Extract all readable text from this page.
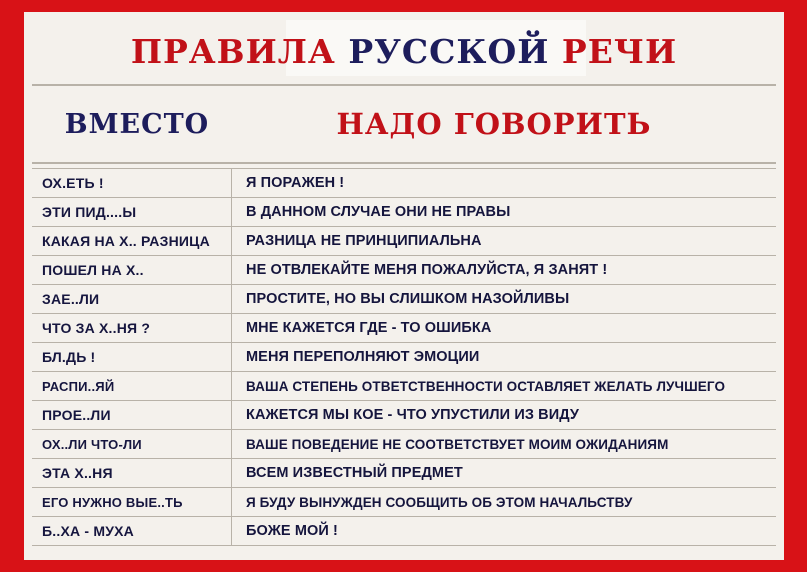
ПРАВИЛА РУССКОЙ РЕЧИ
ВМЕСТО	НАДО ГОВОРИТЬ
ОХ.ЕТЬ !	Я ПОРАЖЕН !
ЭТИ ПИД....Ы	В ДАННОМ СЛУЧАЕ ОНИ НЕ ПРАВЫ
КАКАЯ НА Х.. РАЗНИЦА	РАЗНИЦА НЕ ПРИНЦИПИАЛЬНА
ПОШЕЛ НА Х..	НЕ ОТВЛЕКАЙТЕ МЕНЯ ПОЖАЛУЙСТА, Я ЗАНЯТ !
ЗАЕ..ЛИ	ПРОСТИТЕ, НО ВЫ СЛИШКОМ НАЗОЙЛИВЫ
ЧТО ЗА Х..НЯ ?	МНЕ КАЖЕТСЯ ГДЕ - ТО ОШИБКА
БЛ.ДЬ !	МЕНЯ ПЕРЕПОЛНЯЮТ ЭМОЦИИ
РАСПИ..ЯЙ	ВАША СТЕПЕНЬ ОТВЕТСТВЕННОСТИ ОСТАВЛЯЕТ ЖЕЛАТЬ ЛУЧШЕГО
ПРОЕ..ЛИ	КАЖЕТСЯ МЫ КОЕ - ЧТО УПУСТИЛИ ИЗ ВИДУ
ОХ..ЛИ ЧТО-ЛИ	ВАШЕ ПОВЕДЕНИЕ НЕ СООТВЕТСТВУЕТ МОИМ ОЖИДАНИЯМ
ЭТА Х..НЯ	ВСЕМ ИЗВЕСТНЫЙ ПРЕДМЕТ
ЕГО НУЖНО ВЫЕ..ТЬ	Я БУДУ ВЫНУЖДЕН СООБЩИТЬ ОБ ЭТОМ НАЧАЛЬСТВУ
Б..ХА - МУХА	БОЖЕ МОЙ !
